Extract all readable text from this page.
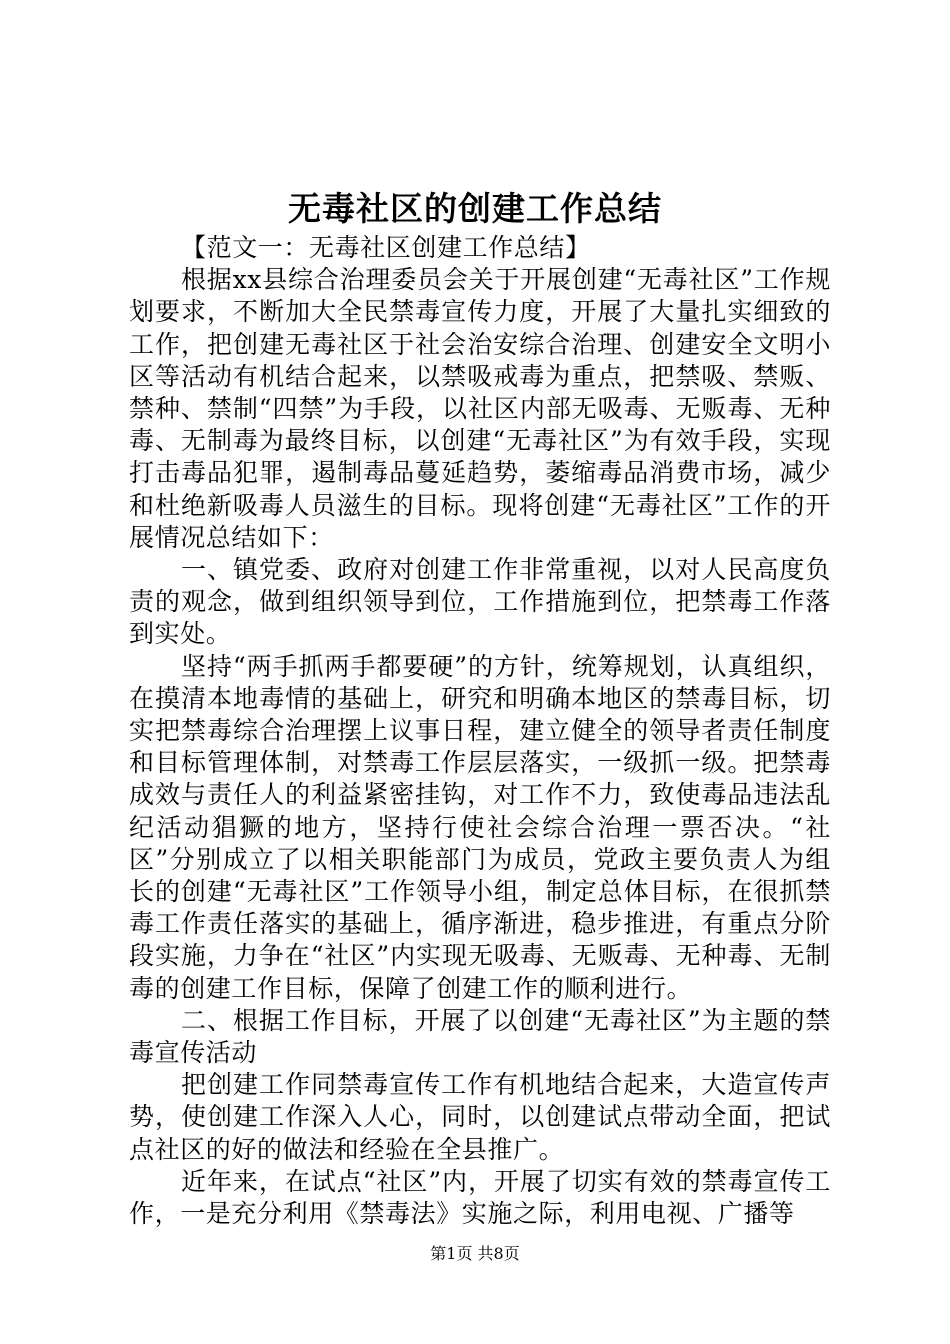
无毒社区的创建工作总结

【范文一：无毒社区创建工作总结】

根据xx县综合治理委员会关于开展创建“无毒社区”工作规划要求，不断加大全民禁毒宣传力度，开展了大量扎实细致的工作，把创建无毒社区于社会治安综合治理、创建安全文明小区等活动有机结合起来，以禁吸戒毒为重点，把禁吸、禁贩、禁种、禁制“四禁”为手段，以社区内部无吸毒、无贩毒、无种毒、无制毒为最终目标，以创建“无毒社区”为有效手段，实现打击毒品犯罪，遏制毒品蔓延趋势，萎缩毒品消费市场，减少和杜绝新吸毒人员滋生的目标。现将创建“无毒社区”工作的开展情况总结如下：

一、镇党委、政府对创建工作非常重视，以对人民高度负责的观念，做到组织领导到位，工作措施到位，把禁毒工作落到实处。

坚持“两手抓两手都要硬”的方针，统筹规划，认真组织，在摸清本地毒情的基础上，研究和明确本地区的禁毒目标，切实把禁毒综合治理摆上议事日程，建立健全的领导者责任制度和目标管理体制，对禁毒工作层层落实，一级抓一级。把禁毒成效与责任人的利益紧密挂钩，对工作不力，致使毒品违法乱纪活动猖獗的地方，坚持行使社会综合治理一票否决。“社区”分别成立了以相关职能部门为成员，党政主要负责人为组长的创建“无毒社区”工作领导小组，制定总体目标，在很抓禁毒工作责任落实的基础上，循序渐进，稳步推进，有重点分阶段实施，力争在“社区”内实现无吸毒、无贩毒、无种毒、无制毒的创建工作目标，保障了创建工作的顺利进行。

二、根据工作目标，开展了以创建“无毒社区”为主题的禁毒宣传活动

把创建工作同禁毒宣传工作有机地结合起来，大造宣传声势，使创建工作深入人心，同时，以创建试点带动全面，把试点社区的好的做法和经验在全县推广。

近年来，在试点“社区”内，开展了切实有效的禁毒宣传工作，一是充分利用《禁毒法》实施之际，利用电视、广播等

第1页 共8页
